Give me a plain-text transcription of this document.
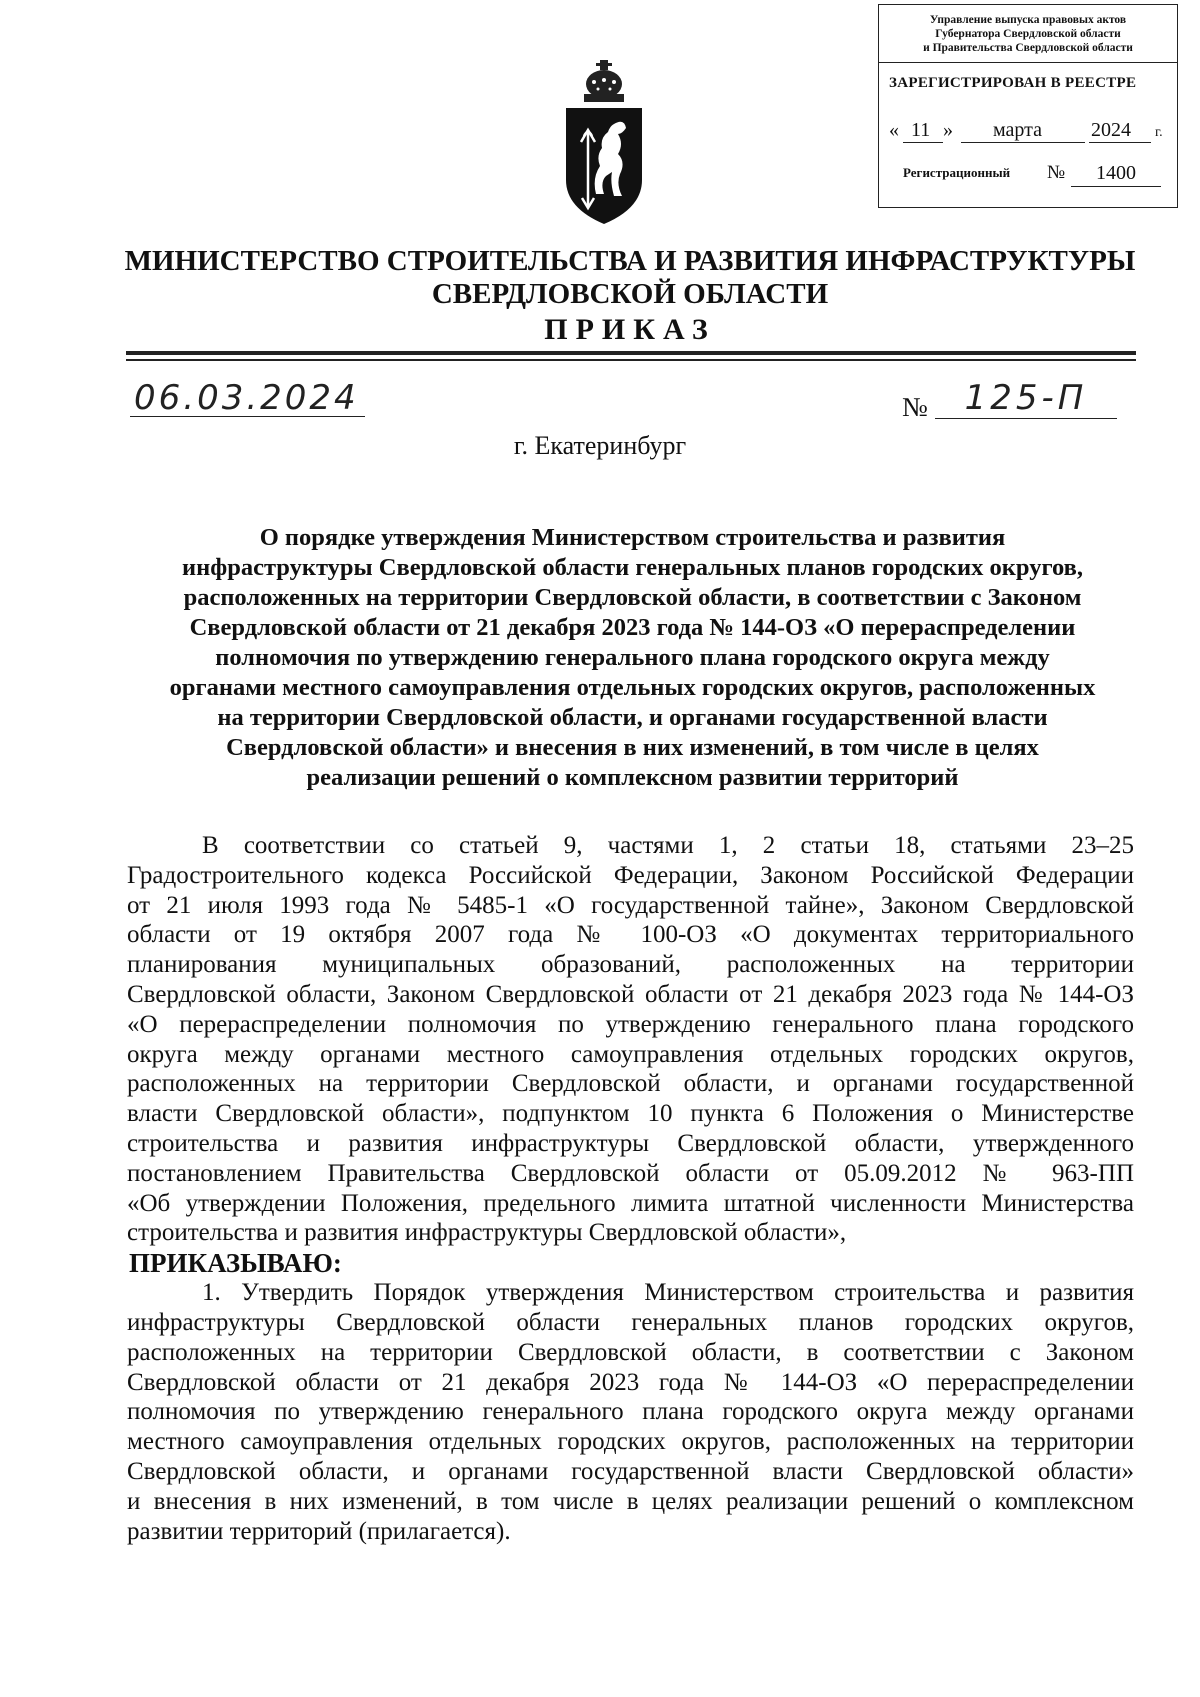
Управление выпуска правовых актов
Губернатора Свердловской области
и Правительства Свердловской области
ЗАРЕГИСТРИРОВАН В РЕЕСТРЕ
« 11 » марта 2024 г.
Регистрационный №	1400
МИНИСТЕРСТВО СТРОИТЕЛЬСТВА И РАЗВИТИЯ ИНФРАСТРУКТУРЫ
СВЕРДЛОВСКОЙ ОБЛАСТИ
ПРИКАЗ
06.03.2024	№	125-П
г. Екатеринбург
О порядке утверждения Министерством строительства и развития
инфраструктуры Свердловской области генеральных планов городских округов,
расположенных на территории Свердловской области, в соответствии с Законом
Свердловской области от 21 декабря 2023 года № 144-ОЗ «О перераспределении
полномочия по утверждению генерального плана городского округа между
органами местного самоуправления отдельных городских округов, расположенных
на территории Свердловской области, и органами государственной власти
Свердловской области» и внесения в них изменений, в том числе в целях
реализации решений о комплексном развитии территорий
В соответствии со статьей 9, частями 1, 2 статьи 18, статьями 23–25
Градостроительного кодекса Российской Федерации, Законом Российской Федерации
от 21 июля 1993 года № 5485-1 «О государственной тайне», Законом Свердловской
области от 19 октября 2007 года № 100-ОЗ «О документах территориального
планирования муниципальных образований, расположенных на территории
Свердловской области, Законом Свердловской области от 21 декабря 2023 года № 144-ОЗ
«О перераспределении полномочия по утверждению генерального плана городского
округа между органами местного самоуправления отдельных городских округов,
расположенных на территории Свердловской области, и органами государственной
власти Свердловской области», подпунктом 10 пункта 6 Положения о Министерстве
строительства и развития инфраструктуры Свердловской области, утвержденного
постановлением Правительства Свердловской области от 05.09.2012 № 963-ПП
«Об утверждении Положения, предельного лимита штатной численности Министерства
строительства и развития инфраструктуры Свердловской области»,
ПРИКАЗЫВАЮ:
1. Утвердить Порядок утверждения Министерством строительства и развития
инфраструктуры Свердловской области генеральных планов городских округов,
расположенных на территории Свердловской области, в соответствии с Законом
Свердловской области от 21 декабря 2023 года № 144-ОЗ «О перераспределении
полномочия по утверждению генерального плана городского округа между органами
местного самоуправления отдельных городских округов, расположенных на территории
Свердловской области, и органами государственной власти Свердловской области»
и внесения в них изменений, в том числе в целях реализации решений о комплексном
развитии территорий (прилагается).
